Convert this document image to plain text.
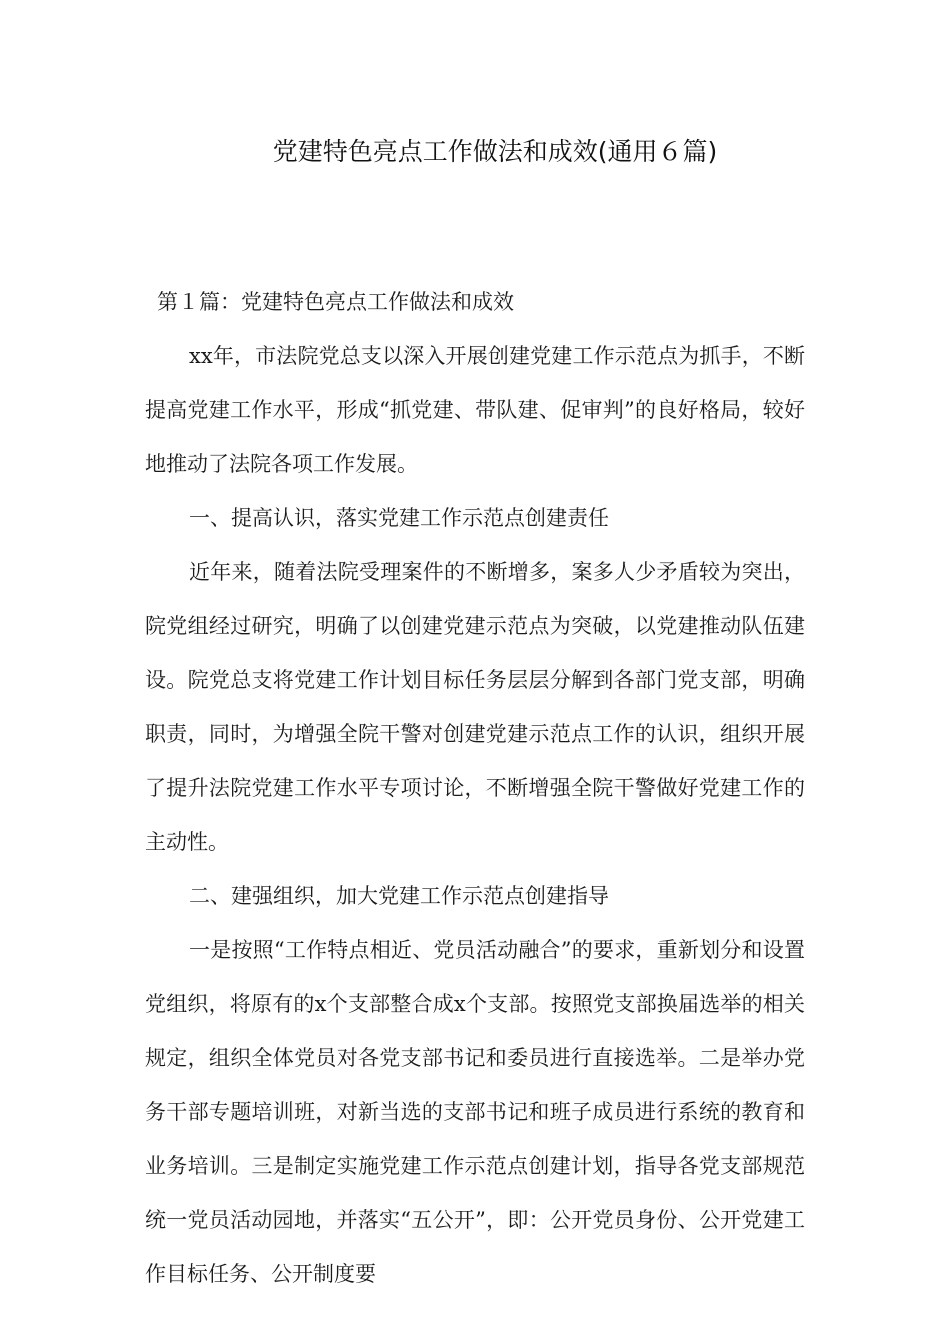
党建特色亮点工作做法和成效(通用６篇)
第１篇：党建特色亮点工作做法和成效

xx年，市法院党总支以深入开展创建党建工作示范点为抓手，不断提高党建工作水平，形成“抓党建、带队建、促审判”的良好格局，较好地推动了法院各项工作发展。

一、提高认识，落实党建工作示范点创建责任

近年来，随着法院受理案件的不断增多，案多人少矛盾较为突出，院党组经过研究，明确了以创建党建示范点为突破，以党建推动队伍建设。院党总支将党建工作计划目标任务层层分解到各部门党支部，明确职责，同时，为增强全院干警对创建党建示范点工作的认识，组织开展了提升法院党建工作水平专项讨论，不断增强全院干警做好党建工作的主动性。

二、建强组织，加大党建工作示范点创建指导

一是按照“工作特点相近、党员活动融合”的要求，重新划分和设置党组织，将原有的x个支部整合成x个支部。按照党支部换届选举的相关规定，组织全体党员对各党支部书记和委员进行直接选举。二是举办党务干部专题培训班，对新当选的支部书记和班子成员进行系统的教育和业务培训。三是制定实施党建工作示范点创建计划，指导各党支部规范统一党员活动园地，并落实“五公开”，即：公开党员身份、公开党建工作目标任务、公开制度要
